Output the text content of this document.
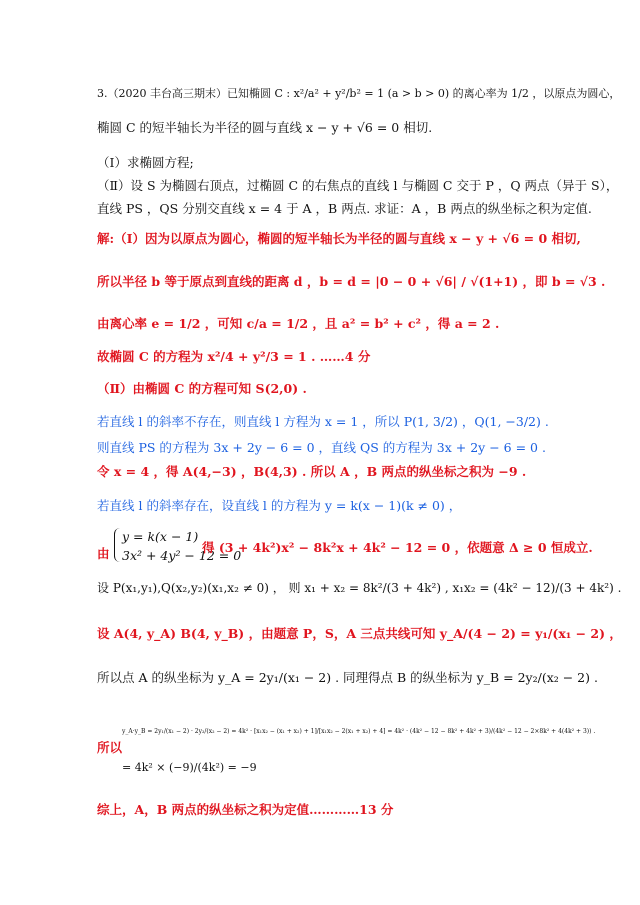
3.（2020 丰台高三期末）已知椭圆 C : x²/a² + y²/b² = 1 (a > b > 0) 的离心率为 1/2 ，以原点为圆心，
椭圆 C 的短半轴长为半径的圆与直线 x − y + √6 = 0 相切.
（Ⅰ）求椭圆方程;
（Ⅱ）设 S 为椭圆右顶点，过椭圆 C 的右焦点的直线 l 与椭圆 C 交于 P ，Q 两点（异于 S），
直线 PS ，QS 分别交直线 x = 4 于 A ，B 两点. 求证：A ，B 两点的纵坐标之积为定值.
解:（Ⅰ）因为以原点为圆心，椭圆的短半轴长为半径的圆与直线 x − y + √6 = 0 相切,
所以半径 b 等于原点到直线的距离 d ，b = d = |0 − 0 + √6| / √(1+1) ，即 b = √3 .
由离心率 e = 1/2 ，可知 c/a = 1/2 ，且 a² = b² + c² ，得 a = 2 .
故椭圆 C 的方程为 x²/4 + y²/3 = 1 . ……4 分
（Ⅱ）由椭圆 C 的方程可知 S(2,0) .
若直线 l 的斜率不存在，则直线 l 方程为 x = 1 ，所以 P(1, 3/2) ，Q(1, −3/2) .
则直线 PS 的方程为 3x + 2y − 6 = 0 ，直线 QS 的方程为 3x + 2y − 6 = 0 .
令 x = 4 ，得 A(4,−3) ，B(4,3) . 所以 A ，B 两点的纵坐标之积为 −9 .
若直线 l 的斜率存在，设直线 l 的方程为 y = k(x − 1)(k ≠ 0) ，
由
y = k(x − 1)
3x² + 4y² − 12 = 0
得 (3 + 4k²)x² − 8k²x + 4k² − 12 = 0 ，依题意 Δ ≥ 0 恒成立.
设 P(x₁,y₁),Q(x₂,y₂)(x₁,x₂ ≠ 0) ， 则 x₁ + x₂ = 8k²/(3 + 4k²) , x₁x₂ = (4k² − 12)/(3 + 4k²) .
设 A(4, y_A) B(4, y_B) ，由题意 P，S，A 三点共线可知 y_A/(4 − 2) = y₁/(x₁ − 2) ，
所以点 A 的纵坐标为 y_A = 2y₁/(x₁ − 2) . 同理得点 B 的纵坐标为 y_B = 2y₂/(x₂ − 2) .
所以
y_A·y_B = 2y₁/(x₁ − 2) · 2y₂/(x₂ − 2) = 4k² · [x₁x₂ − (x₁ + x₂) + 1]/[x₁x₂ − 2(x₁ + x₂) + 4] = 4k² · (4k² − 12 − 8k² + 4k² + 3)/(4k² − 12 − 2×8k² + 4(4k² + 3)) .
= 4k² × (−9)/(4k²) = −9
综上，A，B 两点的纵坐标之积为定值…………13 分
